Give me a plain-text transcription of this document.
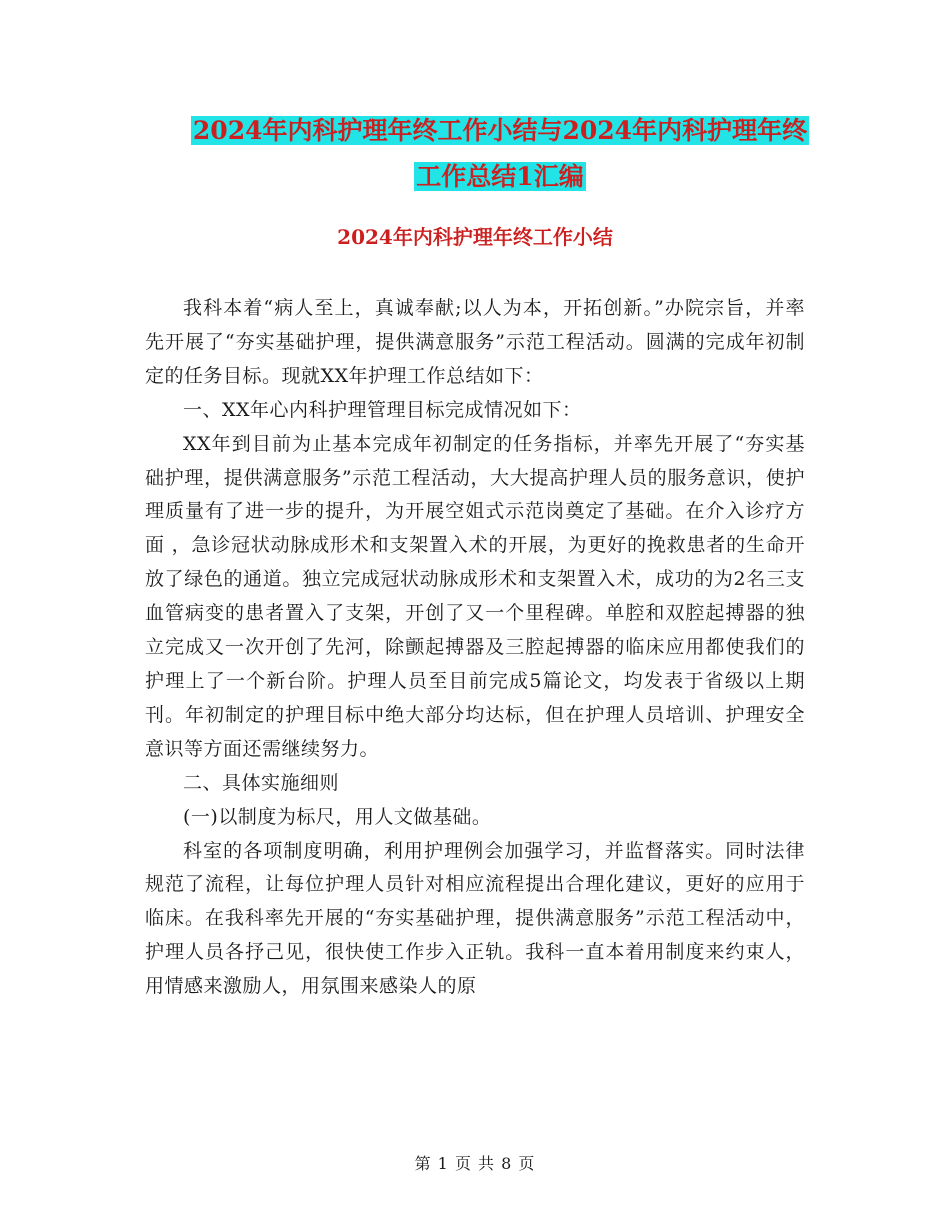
2024年内科护理年终工作小结与2024年内科护理年终
工作总结1汇编
2024年内科护理年终工作小结

我科本着“病人至上，真诚奉献;以人为本，开拓创新。”办院宗旨，并率先开展了“夯实基础护理，提供满意服务”示范工程活动。圆满的完成年初制定的任务目标。现就XX年护理工作总结如下：

一、XX年心内科护理管理目标完成情况如下：

XX年到目前为止基本完成年初制定的任务指标，并率先开展了“夯实基础护理，提供满意服务”示范工程活动，大大提高护理人员的服务意识，使护理质量有了进一步的提升，为开展空姐式示范岗奠定了基础。在介入诊疗方面 ，急诊冠状动脉成形术和支架置入术的开展，为更好的挽救患者的生命开放了绿色的通道。独立完成冠状动脉成形术和支架置入术，成功的为2名三支血管病变的患者置入了支架，开创了又一个里程碑。单腔和双腔起搏器的独立完成又一次开创了先河，除颤起搏器及三腔起搏器的临床应用都使我们的护理上了一个新台阶。护理人员至目前完成5篇论文，均发表于省级以上期刊。年初制定的护理目标中绝大部分均达标，但在护理人员培训、护理安全意识等方面还需继续努力。

二、具体实施细则

(一)以制度为标尺，用人文做基础。

科室的各项制度明确，利用护理例会加强学习，并监督落实。同时法律规范了流程，让每位护理人员针对相应流程提出合理化建议，更好的应用于临床。在我科率先开展的“夯实基础护理，提供满意服务”示范工程活动中，护理人员各抒己见，很快使工作步入正轨。我科一直本着用制度来约束人，用情感来激励人，用氛围来感染人的原

第 1 页 共 8 页
